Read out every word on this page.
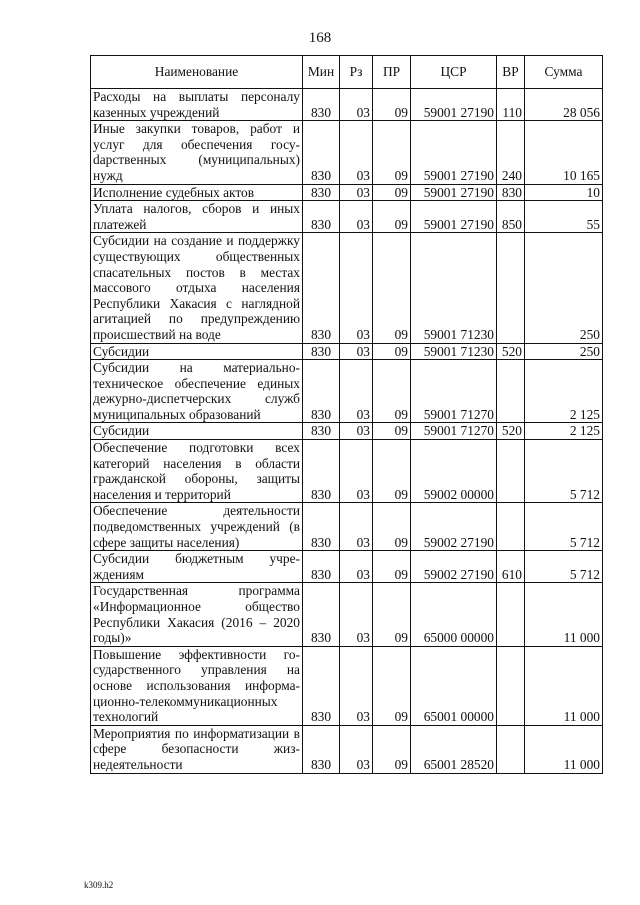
168
Наименование	Мин	Рз	ПР	ЦСР	ВР	Сумма
Расходы на выплаты персоналу казенных учреждений	830	03	09	59001 27190	110	28 056
Иные закупки товаров, работ и услуг для обеспечения госуdарственных (муниципальных) нужд	830	03	09	59001 27190	240	10 165
Исполнение судебных актов	830	03	09	59001 27190	830	10
Уплата налогов, сборов и иных платежей	830	03	09	59001 27190	850	55
Субсидии на создание и поддержку существующих общественных спасательных постов в местах массового отдыха населения Республики Хакасия с наглядной агитацией по предупреждению происшествий на воде	830	03	09	59001 71230		250
Субсидии	830	03	09	59001 71230	520	250
Субсидии на материально-техническое обеспечение единых дежурно-диспетчерских служб муниципальных образований	830	03	09	59001 71270		2 125
Субсидии	830	03	09	59001 71270	520	2 125
Обеспечение подготовки всех категорий населения в области гражданской обороны, защиты населения и территорий	830	03	09	59002 00000		5 712
Обеспечение деятельности подведомственных учреждений (в сфере защиты населения)	830	03	09	59002 27190		5 712
Субсидии бюджетным учреждениям	830	03	09	59002 27190	610	5 712
Государственная программа «Информационное общество Республики Хакасия (2016 – 2020 годы)»	830	03	09	65000 00000		11 000
Повышение эффективности государственного управления на основе использования информационно-телекоммуникационных технологий	830	03	09	65001 00000		11 000
Мероприятия по информатизации в сфере безопасности жизнедеятельности	830	03	09	65001 28520		11 000
k309.h2
